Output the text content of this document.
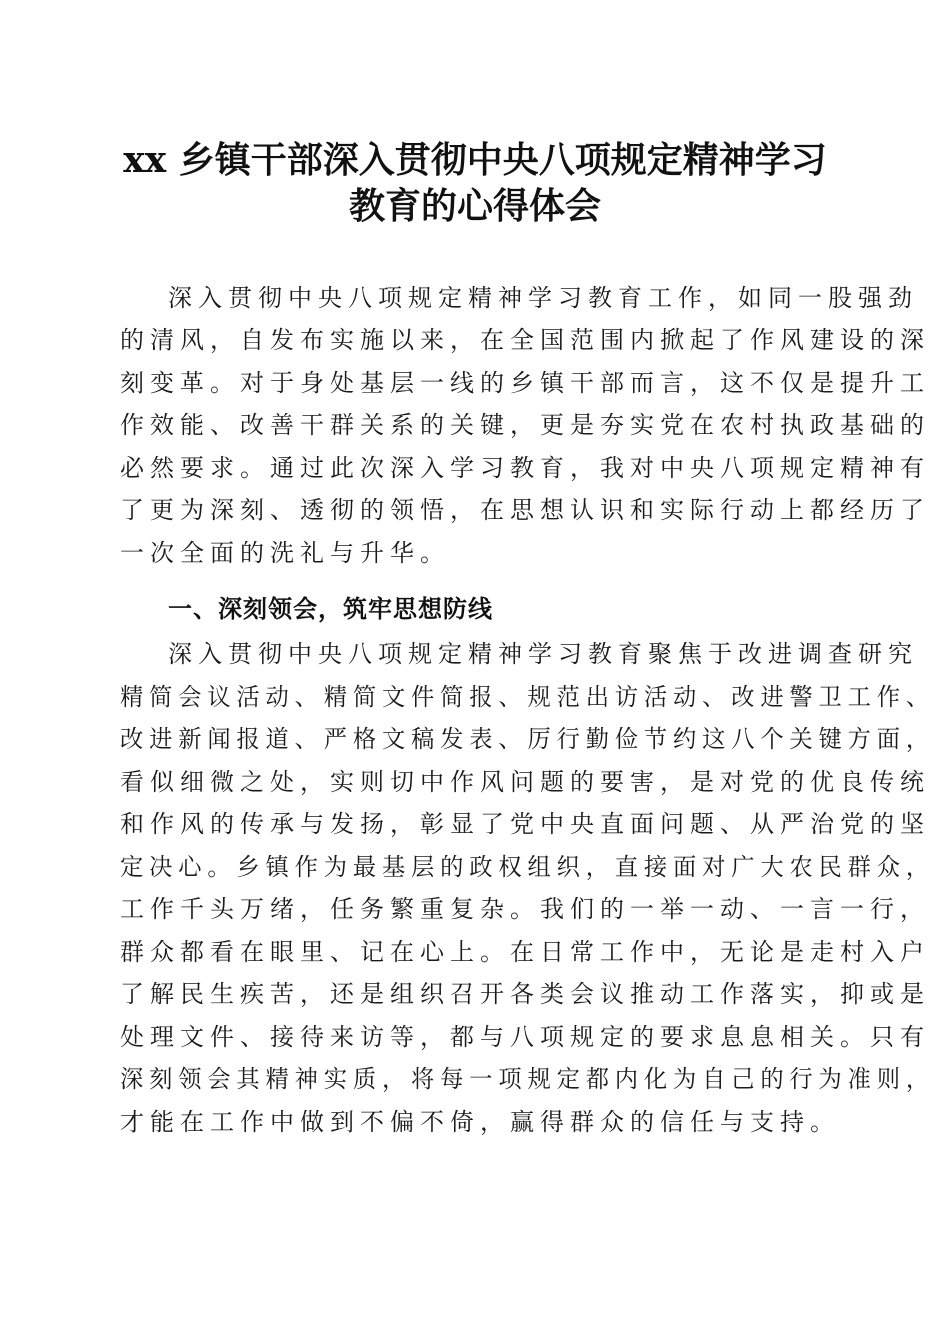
xx 乡镇干部深入贯彻中央八项规定精神学习
教育的心得体会
深入贯彻中央八项规定精神学习教育工作，如同一股强劲
的清风，自发布实施以来，在全国范围内掀起了作风建设的深
刻变革。对于身处基层一线的乡镇干部而言，这不仅是提升工
作效能、改善干群关系的关键，更是夯实党在农村执政基础的
必然要求。通过此次深入学习教育，我对中央八项规定精神有
了更为深刻、透彻的领悟，在思想认识和实际行动上都经历了
一次全面的洗礼与升华。
一、深刻领会，筑牢思想防线
深入贯彻中央八项规定精神学习教育聚焦于改进调查研究
精简会议活动、精简文件简报、规范出访活动、改进警卫工作、
改进新闻报道、严格文稿发表、厉行勤俭节约这八个关键方面，
看似细微之处，实则切中作风问题的要害，是对党的优良传统
和作风的传承与发扬，彰显了党中央直面问题、从严治党的坚
定决心。乡镇作为最基层的政权组织，直接面对广大农民群众，
工作千头万绪，任务繁重复杂。我们的一举一动、一言一行，
群众都看在眼里、记在心上。在日常工作中，无论是走村入户
了解民生疾苦，还是组织召开各类会议推动工作落实，抑或是
处理文件、接待来访等，都与八项规定的要求息息相关。只有
深刻领会其精神实质，将每一项规定都内化为自己的行为准则，
才能在工作中做到不偏不倚，赢得群众的信任与支持。
